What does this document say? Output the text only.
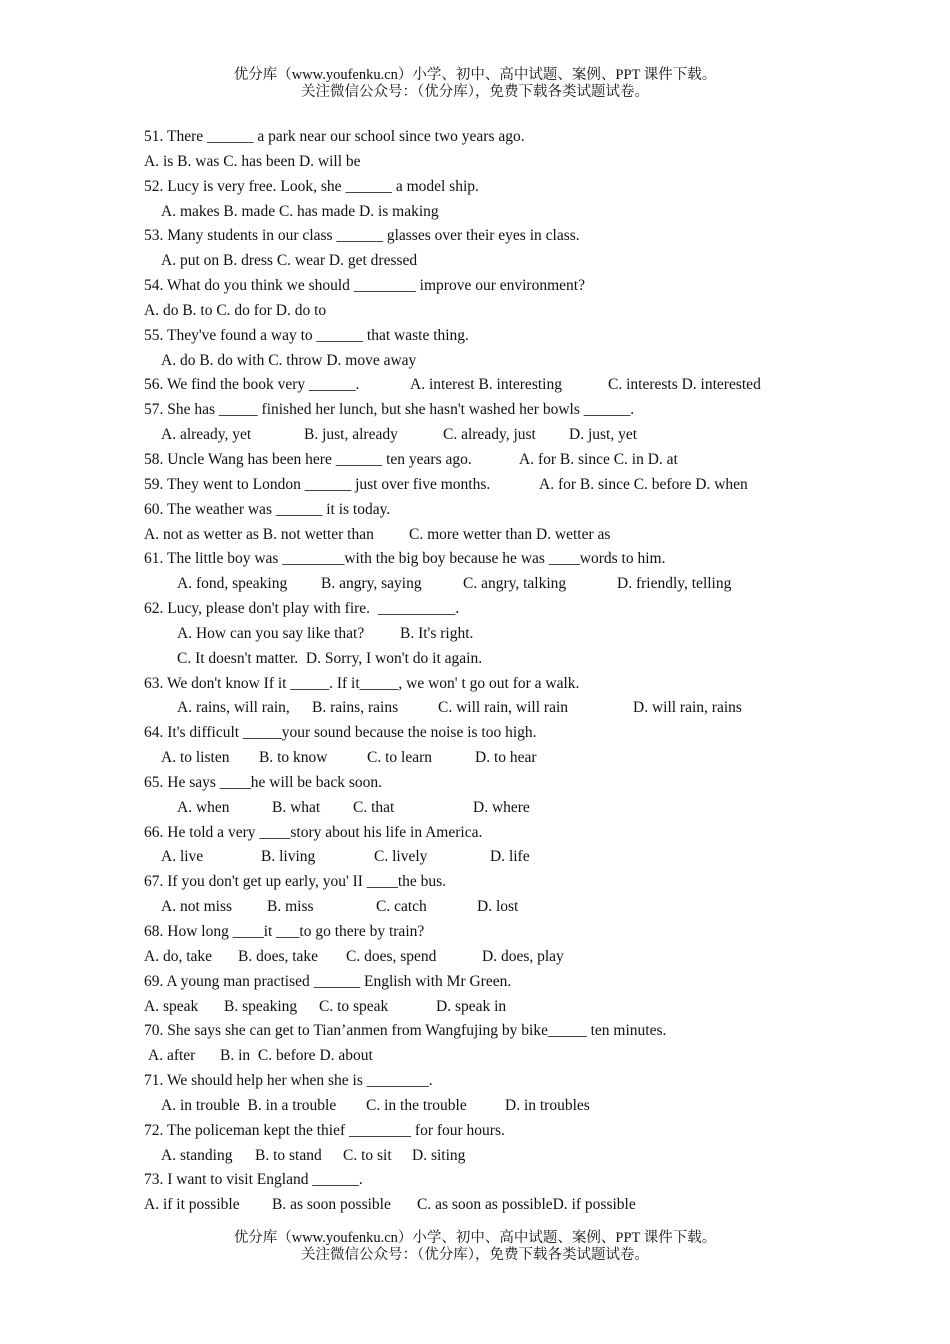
优分库（www.youfenku.cn）小学、初中、高中试题、案例、PPT 课件下载。
关注微信公众号：（优分库），免费下载各类试题试卷。
51. There ______ a park near our school since two years ago.
A. is B. was C. has been D. will be
52. Lucy is very free. Look, she ______ a model ship.
A. makes B. made C. has made D. is making
53. Many students in our class ______ glasses over their eyes in class.
A. put on B. dress C. wear D. get dressed
54. What do you think we should ________ improve our environment?
A. do B. to C. do for D. do to
55. They've found a way to ______ that waste thing.
A. do B. do with C. throw D. move away
56. We find the book very ______.	A. interest B. interesting	C. interests D. interested
57. She has _____ finished her lunch, but she hasn't washed her bowls ______.
A. already, yet	B. just, already	C. already, just D. just, yet
58. Uncle Wang has been here ______ ten years ago.	A. for B. since C. in D. at
59. They went to London ______ just over five months.	A. for B. since C. before D. when
60. The weather was ______ it is today.
A. not as wetter as B. not wetter than C. more wetter than D. wetter as
61. The little boy was ________with the big boy because he was ____words to him.
A. fond, speaking B. angry, saying	C. angry, talking	D. friendly, telling
62. Lucy, please don't play with fire.  __________.
A. How can you say like that? B. It's right.
C. It doesn't matter.  D. Sorry, I won't do it again.
63. We don't know If it _____. If it_____, we won' t go out for a walk.
A. rains, will rain, B. rains, rains	C. will rain, will rain	D. will rain, rains
64. It's difficult _____your sound because the noise is too high.
A. to listen B. to know	C. to learn	D. to hear
65. He says ____he will be back soon.
A. when	B. what C. that	D. where
66. He told a very ____story about his life in America.
A. live	B. living	C. lively	D. life
67. If you don't get up early, you' II ____the bus.
A. not miss B. miss	C. catch	D. lost
68. How long ____it ___to go there by train?
A. do, take B. does, take C. does, spend	D. does, play
69. A young man practised ______ English with Mr Green.
A. speak B. speaking C. to speak	D. speak in
70. She says she can get to Tian’anmen from Wangfujing by bike_____ ten minutes.
A. after B. in  C. before D. about
71. We should help her when she is ________.
A. in trouble  B. in a trouble C. in the trouble D. in troubles
72. The policeman kept the thief ________ for four hours.
A. standing B. to stand C. to sit D. siting
73. I want to visit England ______.
A. if it possible B. as soon possible C. as soon as possibleD. if possible
优分库（www.youfenku.cn）小学、初中、高中试题、案例、PPT 课件下载。
关注微信公众号：（优分库），免费下载各类试题试卷。
